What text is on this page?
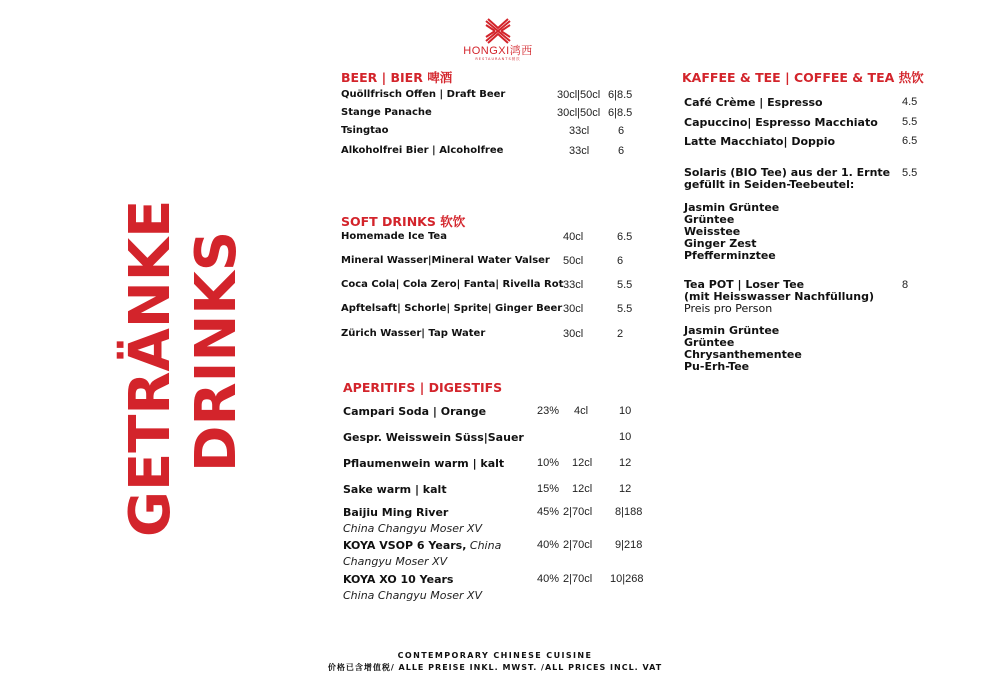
HONGXI鸿西
RESTAURANTS餐饮
GETRÄNKE DRINKS
BEER | BIER 啤酒
Quöllfrisch Offen | Draft Beer	30cl|50cl 6|8.5
Stange Panache	30cl|50cl 6|8.5
Tsingtao	33cl	6
Alkoholfrei Bier | Alcoholfree	33cl	6
SOFT DRINKS 软饮
Homemade Ice Tea	40cl	6.5
Mineral Wasser|Mineral Water Valser 50cl	6
Coca Cola| Cola Zero| Fanta| Rivella Rot 33cl	5.5
Apftelsaft| Schorle| Sprite| Ginger Beer 30cl	5.5
Zürich Wasser| Tap Water	30cl	2
APERITIFS | DIGESTIFS
Campari Soda | Orange	23% 4cl	10
Gespr. Weisswein Süss|Sauer	10
Pflaumenwein warm | kalt	10% 12cl 12
Sake warm | kalt	15% 12cl 12
Baijiu Ming River
China Changyu Moser XV
45% 2|70cl 8|188
KOYA VSOP 6 Years, China
Changyu Moser XV
40% 2|70cl 9|218
KOYA XO 10 Years
China Changyu Moser XV
40% 2|70cl 10|268
KAFFEE & TEE | COFFEE & TEA 热饮
Café Crème | Espresso	4.5
Capuccino| Espresso Macchiato 5.5
Latte Macchiato| Doppio	6.5
Solaris (BIO Tee) aus der 1. Ernte
gefüllt in Seiden-Teebeutel:
5.5
Jasmin Grüntee
Grüntee
Weisstee
Ginger Zest
Pfefferminztee
Tea POT | Loser Tee
(mit Heisswasser Nachfüllung)
Preis pro Person
8
Jasmin Grüntee
Grüntee
Chrysanthementee
Pu-Erh-Tee
CONTEMPORARY CHINESE CUISINE
价格已含增值税/ ALLE PREISE INKL. MWST. /ALL PRICES INCL. VAT
